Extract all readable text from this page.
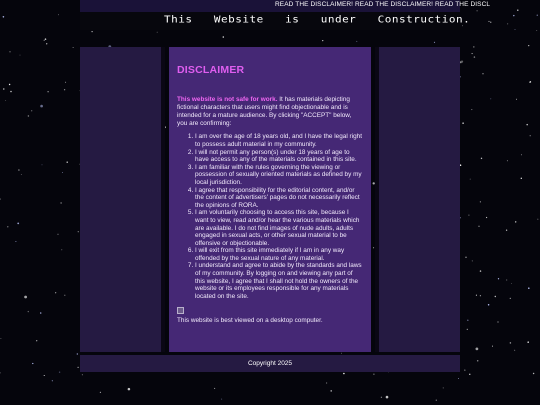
READ THE DISCLAIMER! READ THE DISCLAIMER! READ THE DISCL
This   Website   is   under   Construction.
DISCLAIMER

This website is not safe for work. It has materials depicting fictional characters that users might find objectionable and is intended for a mature audience. By clicking "ACCEPT" below, you are confirming:

1. I am over the age of 18 years old, and I have the legal right to possess adult material in my community.
2. I will not permit any person(s) under 18 years of age to have access to any of the materials contained in this site.
3. I am familiar with the rules governing the viewing or possession of sexually oriented materials as defined by my local jurisdiction.
4. I agree that responsibility for the editorial content, and/or the content of advertisers' pages do not necessarily reflect the opinions of RORA.
5. I am voluntarily choosing to access this site, because I want to view, read and/or hear the various materials which are available. I do not find images of nude adults, adults engaged in sexual acts, or other sexual material to be offensive or objectionable.
6. I will exit from this site immediately if I am in any way offended by the sexual nature of any material.
7. I understand and agree to abide by the standards and laws of my community. By logging on and viewing any part of this website, I agree that I shall not hold the owners of the website or its employees responsible for any materials located on the site.

This website is best viewed on a desktop computer.

Copyright 2025
